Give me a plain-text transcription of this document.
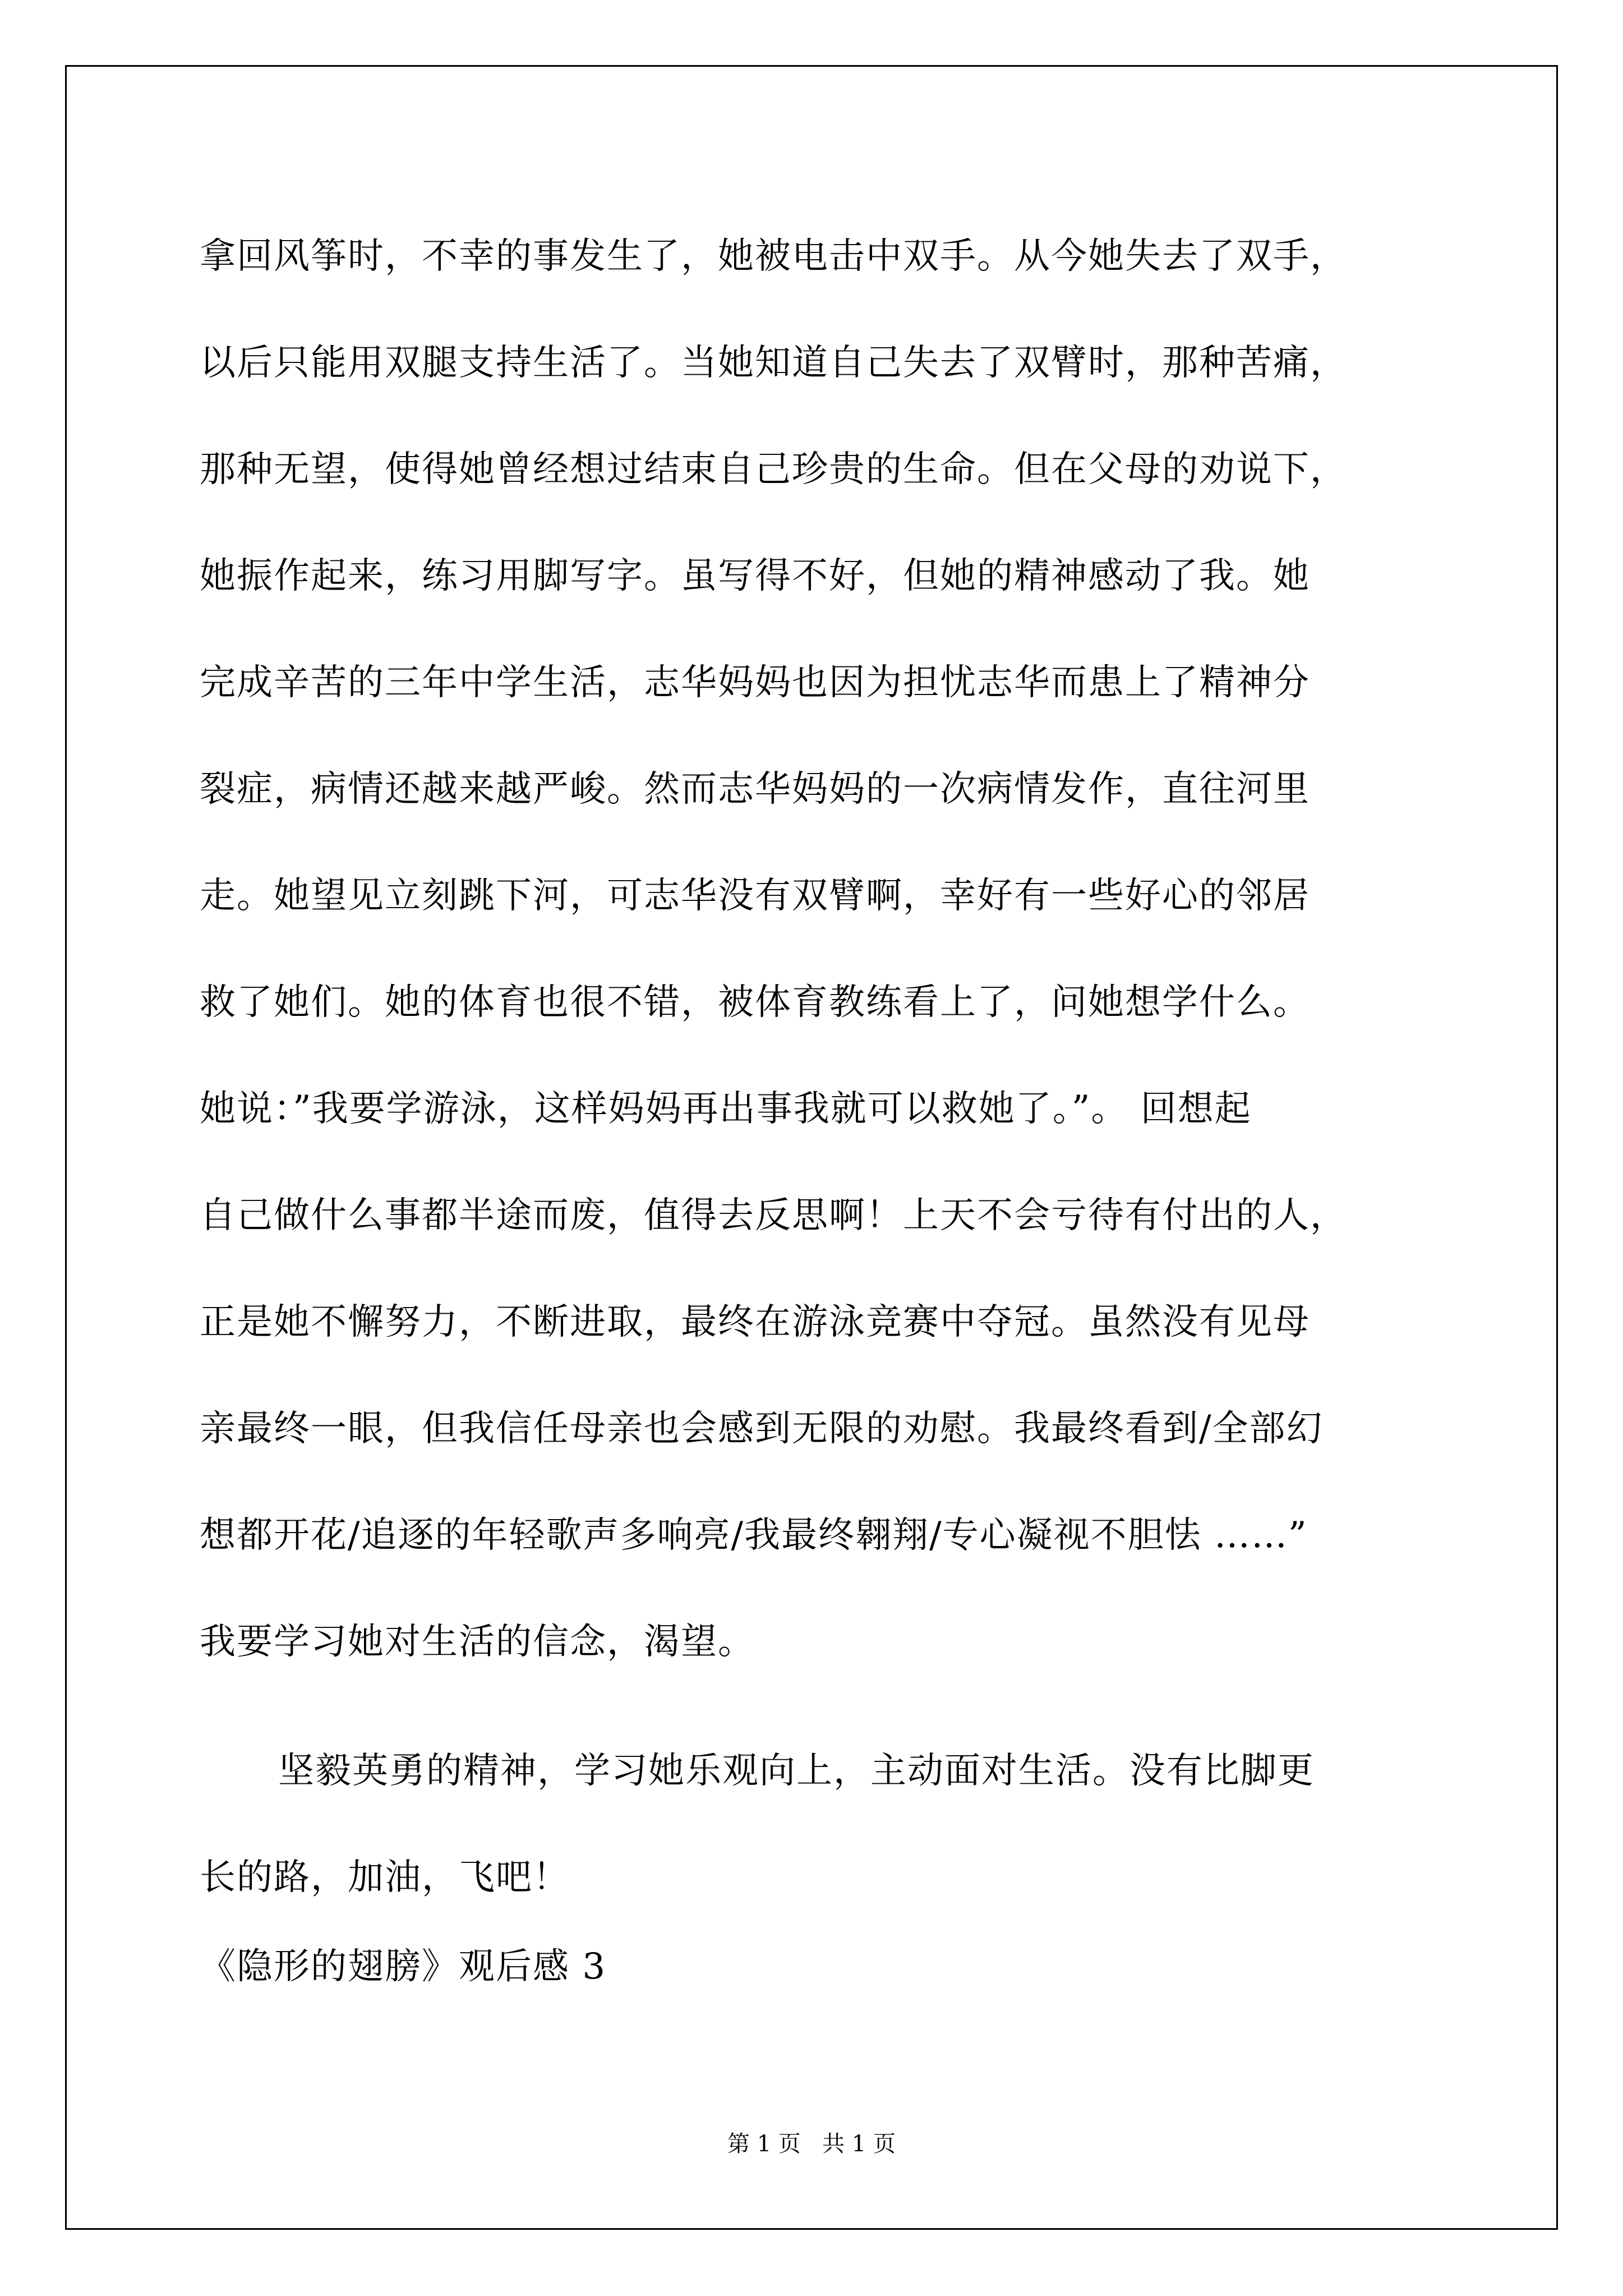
拿回风筝时，不幸的事发生了，她被电击中双手。从今她失去了双手，
以后只能用双腿支持生活了。当她知道自己失去了双臂时，那种苦痛，
那种无望，使得她曾经想过结束自己珍贵的生命。但在父母的劝说下，
她振作起来，练习用脚写字。虽写得不好，但她的精神感动了我。她
完成辛苦的三年中学生活，志华妈妈也因为担忧志华而患上了精神分
裂症，病情还越来越严峻。然而志华妈妈的一次病情发作，直往河里
走。她望见立刻跳下河，可志华没有双臂啊，幸好有一些好心的邻居
救了她们。她的体育也很不错，被体育教练看上了，问她想学什么。
她说：”我要学游泳，这样妈妈再出事我就可以救她了。”。 回想起
自己做什么事都半途而废，值得去反思啊！上天不会亏待有付出的人，
正是她不懈努力，不断进取，最终在游泳竞赛中夺冠。虽然没有见母
亲最终一眼，但我信任母亲也会感到无限的劝慰。我最终看到/全部幻
想都开花/追逐的年轻歌声多响亮/我最终翱翔/专心凝视不胆怯 ……”
我要学习她对生活的信念，渴望。
坚毅英勇的精神，学习她乐观向上，主动面对生活。没有比脚更
长的路，加油，飞吧！
《隐形的翅膀》观后感 3
第 1 页   共 1 页
